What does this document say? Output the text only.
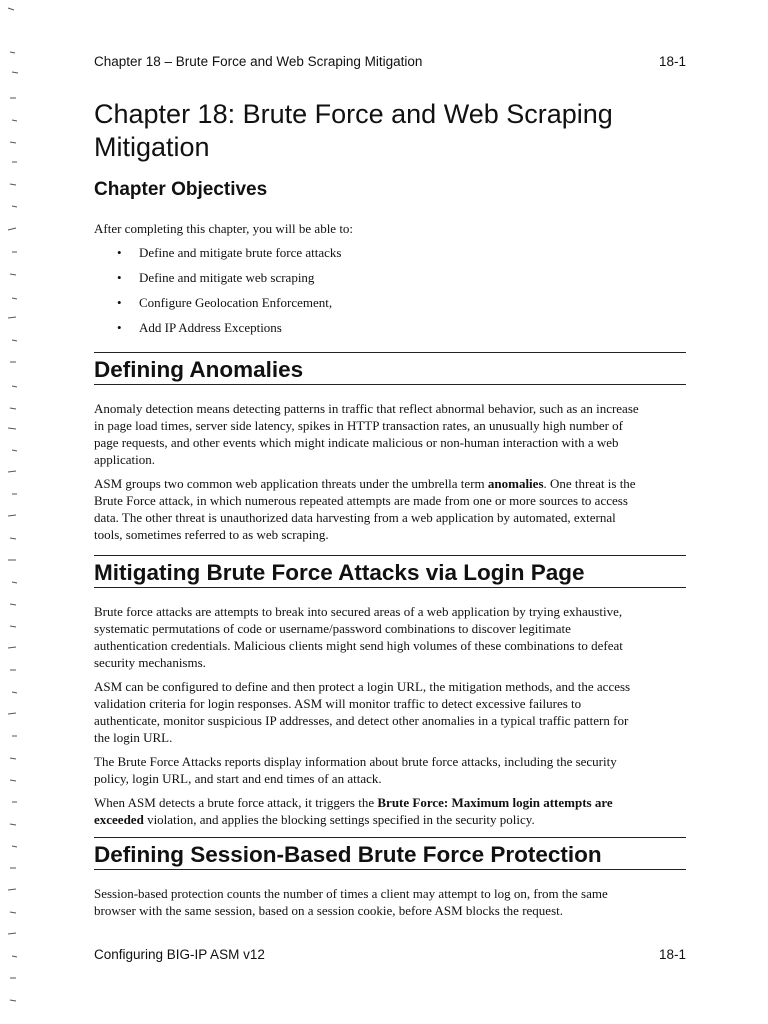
Chapter 18 – Brute Force and Web Scraping Mitigation	18-1
Chapter 18: Brute Force and Web Scraping
Mitigation
Chapter Objectives

After completing this chapter, you will be able to:

• Define and mitigate brute force attacks
• Define and mitigate web scraping
• Configure Geolocation Enforcement,
• Add IP Address Exceptions
Defining Anomalies

Anomaly detection means detecting patterns in traffic that reflect abnormal behavior, such as an increase
in page load times, server side latency, spikes in HTTP transaction rates, an unusually high number of
page requests, and other events which might indicate malicious or non-human interaction with a web
application.

ASM groups two common web application threats under the umbrella term anomalies. One threat is the
Brute Force attack, in which numerous repeated attempts are made from one or more sources to access
data. The other threat is unauthorized data harvesting from a web application by automated, external
tools, sometimes referred to as web scraping.

Mitigating Brute Force Attacks via Login Page

Brute force attacks are attempts to break into secured areas of a web application by trying exhaustive,
systematic permutations of code or username/password combinations to discover legitimate
authentication credentials. Malicious clients might send high volumes of these combinations to defeat
security mechanisms.

ASM can be configured to define and then protect a login URL, the mitigation methods, and the access
validation criteria for login responses. ASM will monitor traffic to detect excessive failures to
authenticate, monitor suspicious IP addresses, and detect other anomalies in a typical traffic pattern for
the login URL.

The Brute Force Attacks reports display information about brute force attacks, including the security
policy, login URL, and start and end times of an attack.

When ASM detects a brute force attack, it triggers the Brute Force: Maximum login attempts are
exceeded violation, and applies the blocking settings specified in the security policy.

Defining Session-Based Brute Force Protection

Session-based protection counts the number of times a client may attempt to log on, from the same
browser with the same session, based on a session cookie, before ASM blocks the request.

Configuring BIG-IP ASM v12	18-1
